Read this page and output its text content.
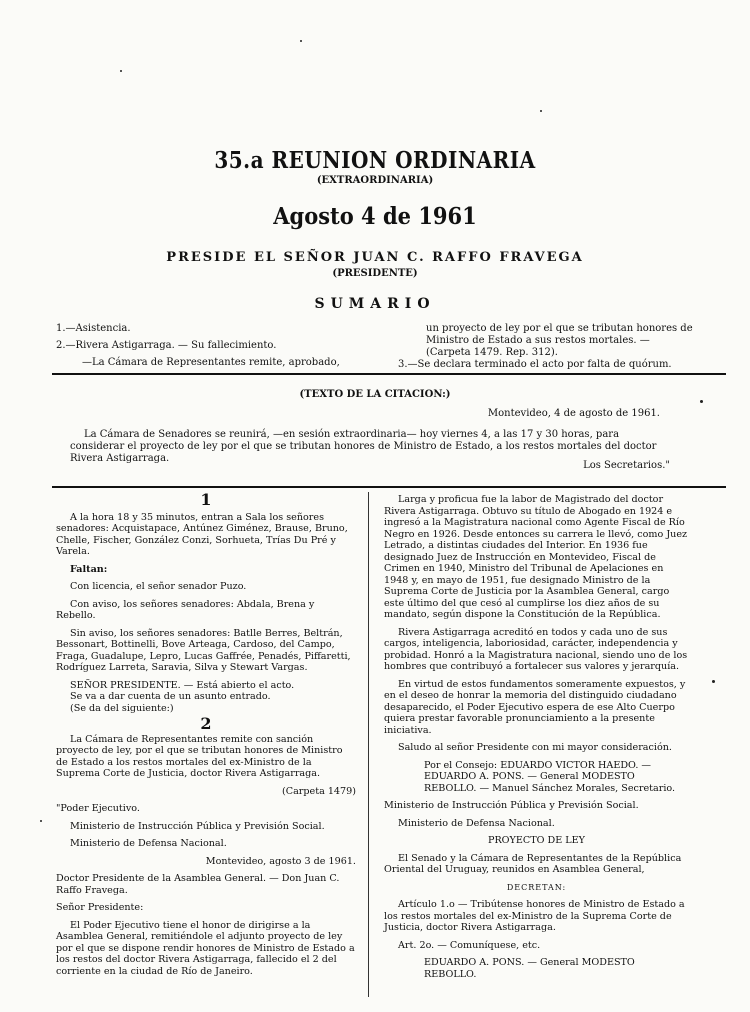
35.a REUNION ORDINARIA
(EXTRAORDINARIA)
Agosto 4 de 1961
PRESIDE EL SEÑOR JUAN C. RAFFO FRAVEGA
(PRESIDENTE)
SUMARIO
1.—Asistencia.
2.—Rivera Astigarraga. — Su fallecimiento.
—La Cámara de Representantes remite, aprobado,
un proyecto de ley por el que se tributan honores de Ministro de Estado a sus restos mortales. —
(Carpeta 1479. Rep. 312).
3.—Se declara terminado el acto por falta de quórum.
(TEXTO DE LA CITACION:)
Montevideo, 4 de agosto de 1961.
La Cámara de Senadores se reunirá, —en sesión extraordinaria— hoy viernes 4, a las 17 y 30 horas, para considerar el proyecto de ley por el que se tributan honores de Ministro de Estado, a los restos mortales del doctor Rivera Astigarraga.
Los Secretarios."
1

A la hora 18 y 35 minutos, entran a Sala los señores senadores: Acquistapace, Antúnez Giménez, Brause, Bruno, Chelle, Fischer, González Conzi, Sorhueta, Trías Du Pré y Varela.

Faltan:

Con licencia, el señor senador Puzo.

Con aviso, los señores senadores: Abdala, Brena y Rebello.

Sin aviso, los señores senadores: Batlle Berres, Beltrán, Bessonart, Bottinelli, Bove Arteaga, Cardoso, del Campo, Fraga, Guadalupe, Lepro, Lucas Gaffrée, Penadés, Piffaretti, Rodríguez Larreta, Saravia, Silva y Stewart Vargas.

SEÑOR PRESIDENTE. — Está abierto el acto.
Se va a dar cuenta de un asunto entrado.
(Se da del siguiente:)
2

La Cámara de Representantes remite con sanción proyecto de ley, por el que se tributan honores de Ministro de Estado a los restos mortales del ex-Ministro de la Suprema Corte de Justicia, doctor Rivera Astigarraga.

(Carpeta 1479)

"Poder Ejecutivo.

Ministerio de Instrucción Pública y Previsión Social.

Ministerio de Defensa Nacional.

Montevideo, agosto 3 de 1961.

Doctor Presidente de la Asamblea General. — Don Juan C. Raffo Fravega.

Señor Presidente:

El Poder Ejecutivo tiene el honor de dirigirse a la Asamblea General, remitiéndole el adjunto proyecto de ley por el que se dispone rendir honores de Ministro de Estado a los restos del doctor Rivera Astigarraga, fallecido el 2 del corriente en la ciudad de Río de Janeiro.

Larga y proficua fue la labor de Magistrado del doctor Rivera Astigarraga. Obtuvo su título de Abogado en 1924 e ingresó a la Magistratura nacional como Agente Fiscal de Río Negro en 1926. Desde entonces su carrera le llevó, como Juez Letrado, a distintas ciudades del Interior. En 1936 fue designado Juez de Instrucción en Montevideo, Fiscal de Crimen en 1940, Ministro del Tribunal de Apelaciones en 1948 y, en mayo de 1951, fue designado Ministro de la Suprema Corte de Justicia por la Asamblea General, cargo este último del que cesó al cumplirse los diez años de su mandato, según dispone la Constitución de la República.

Rivera Astigarraga acreditó en todos y cada uno de sus cargos, inteligencia, laboriosidad, carácter, independencia y probidad. Honró a la Magistratura nacional, siendo uno de los hombres que contribuyó a fortalecer sus valores y jerarquía.

En virtud de estos fundamentos someramente expuestos, y en el deseo de honrar la memoria del distinguido ciudadano desaparecido, el Poder Ejecutivo espera de ese Alto Cuerpo quiera prestar favorable pronunciamiento a la presente iniciativa.

Saludo al señor Presidente con mi mayor consideración.

Por el Consejo: EDUARDO VICTOR HAEDO. — EDUARDO A. PONS. — General MODESTO REBOLLO. — Manuel Sánchez Morales, Secretario.

Ministerio de Instrucción Pública y Previsión Social.

Ministerio de Defensa Nacional.

PROYECTO DE LEY

El Senado y la Cámara de Representantes de la República Oriental del Uruguay, reunidos en Asamblea General,

DECRETAN:

Artículo 1.o — Tribútense honores de Ministro de Estado a los restos mortales del ex-Ministro de la Suprema Corte de Justicia, doctor Rivera Astigarraga.

Art. 2o. — Comuníquese, etc.

EDUARDO A. PONS. — General MODESTO REBOLLO.
